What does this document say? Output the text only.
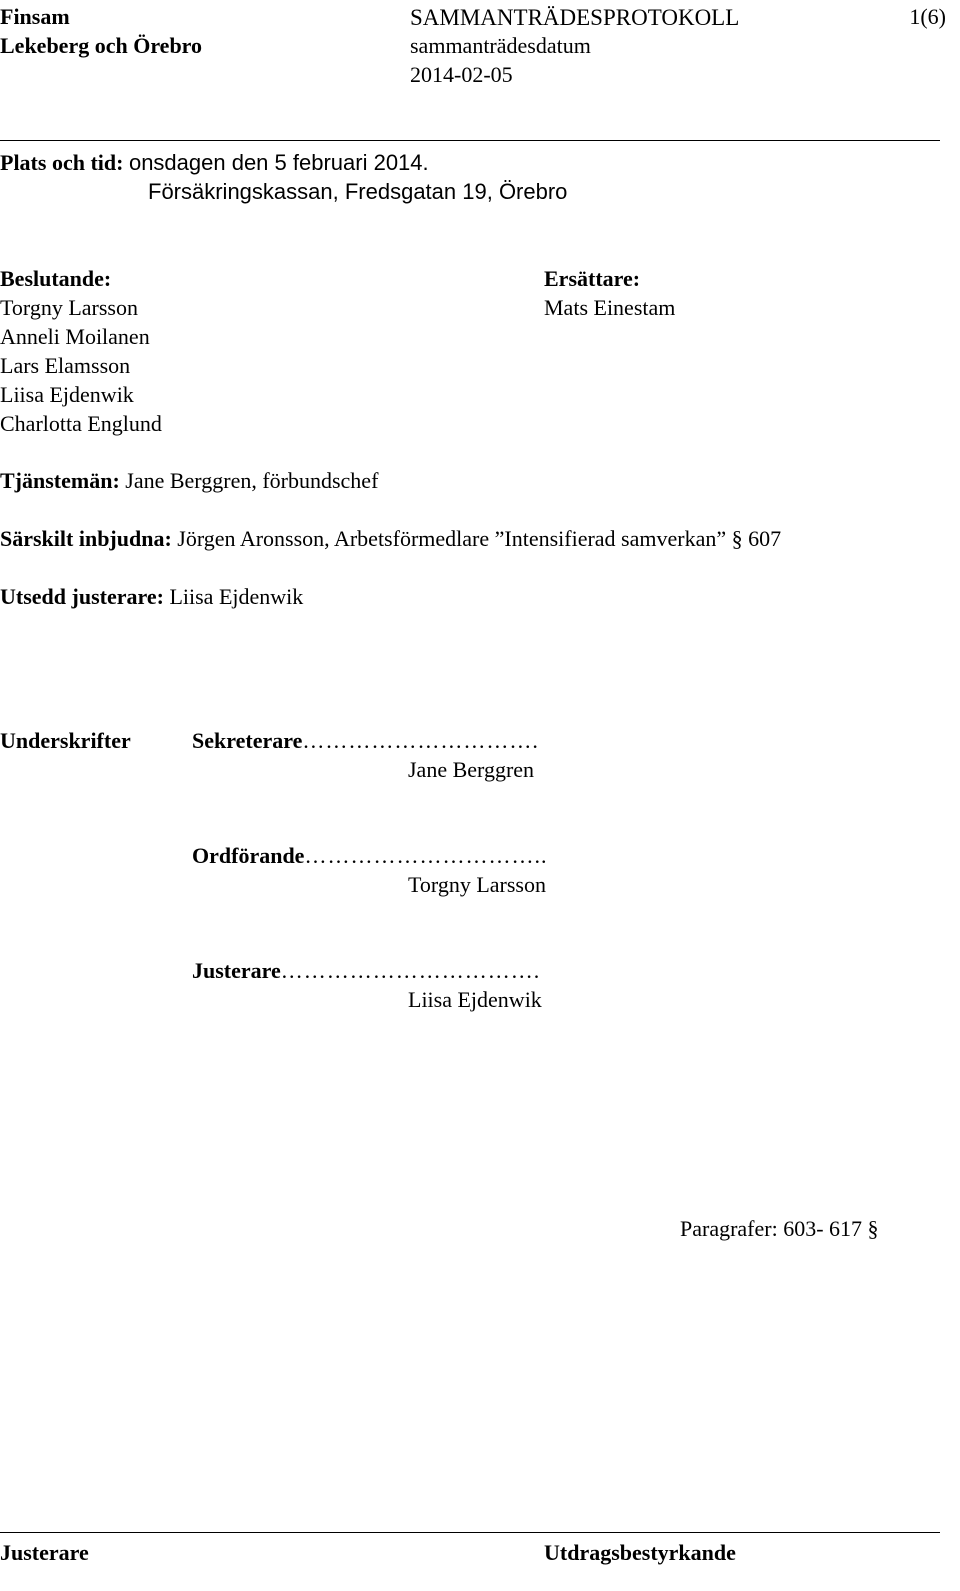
Finsam
Lekeberg och Örebro
SAMMANTRÄDESPROTOKOLL	1(6)
sammanträdesdatum
2014-02-05
Plats och tid: onsdagen den 5 februari 2014.
Försäkringskassan, Fredsgatan 19, Örebro
Beslutande:
Torgny Larsson
Anneli Moilanen
Lars Elamsson
Liisa Ejdenwik
Charlotta Englund
Ersättare:
Mats Einestam
Tjänstemän: Jane Berggren, förbundschef
Särskilt inbjudna: Jörgen Aronsson, Arbetsförmedlare ”Intensifierad samverkan” § 607
Utsedd justerare: Liisa Ejdenwik
Underskrifter	Sekreterare………………………….
Jane Berggren
Ordförande…………………………..
Torgny Larsson
Justerare…………………………….
Liisa Ejdenwik
Paragrafer: 603- 617 §
Justerare	Utdragsbestyrkande
